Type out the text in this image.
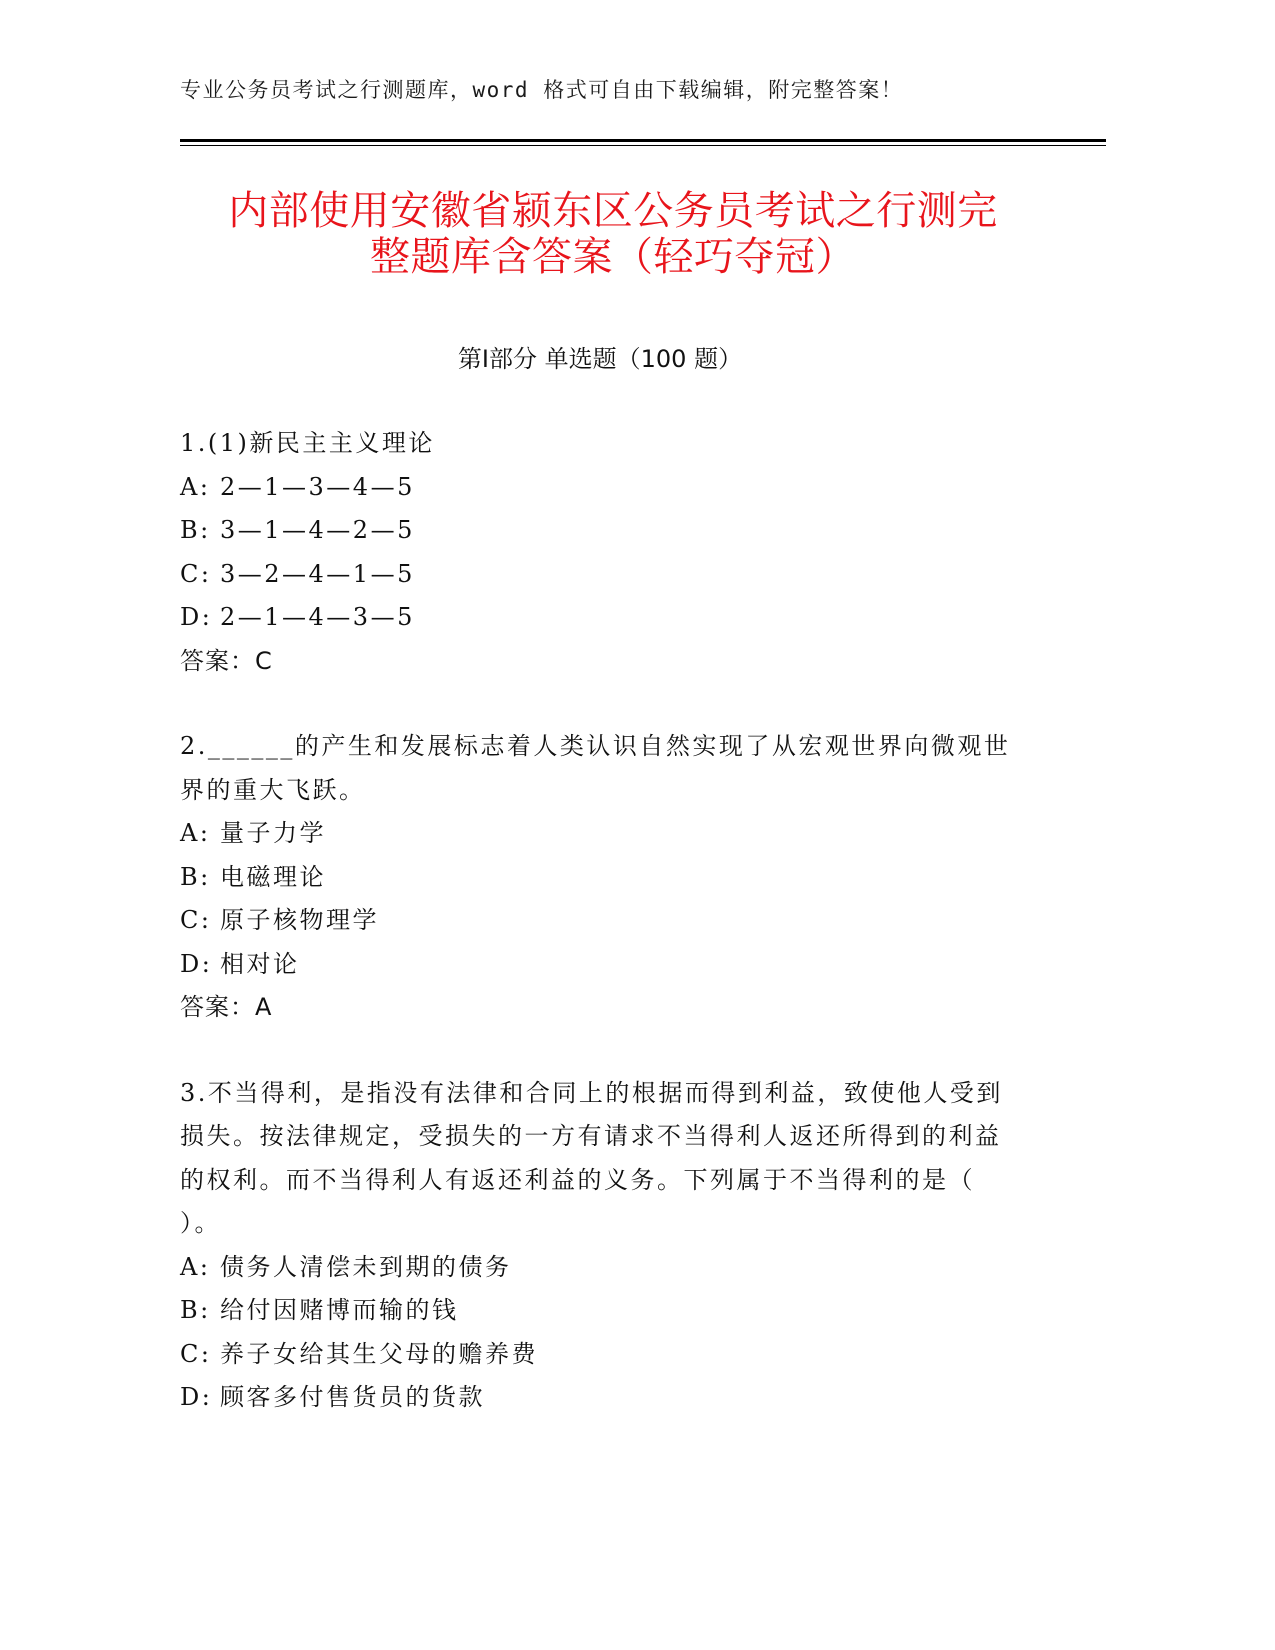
专业公务员考试之行测题库，word 格式可自由下载编辑，附完整答案！
内部使用安徽省颍东区公务员考试之行测完
整题库含答案（轻巧夺冠）
第Ⅰ部分 单选题（100 题）
1.(1)新民主主义理论
A: 2—1—3—4—5
B: 3—1—4—2—5
C: 3—2—4—1—5
D: 2—1—4—3—5
答案：C
2.______的产生和发展标志着人类认识自然实现了从宏观世界向微观世界的重大飞跃。
A: 量子力学
B: 电磁理论
C: 原子核物理学
D: 相对论
答案：A
3.不当得利，是指没有法律和合同上的根据而得到利益，致使他人受到损失。按法律规定，受损失的一方有请求不当得利人返还所得到的利益的权利。而不当得利人有返还利益的义务。下列属于不当得利的是（ ）。
A: 债务人清偿未到期的债务
B: 给付因赌博而输的钱
C: 养子女给其生父母的赡养费
D: 顾客多付售货员的货款
